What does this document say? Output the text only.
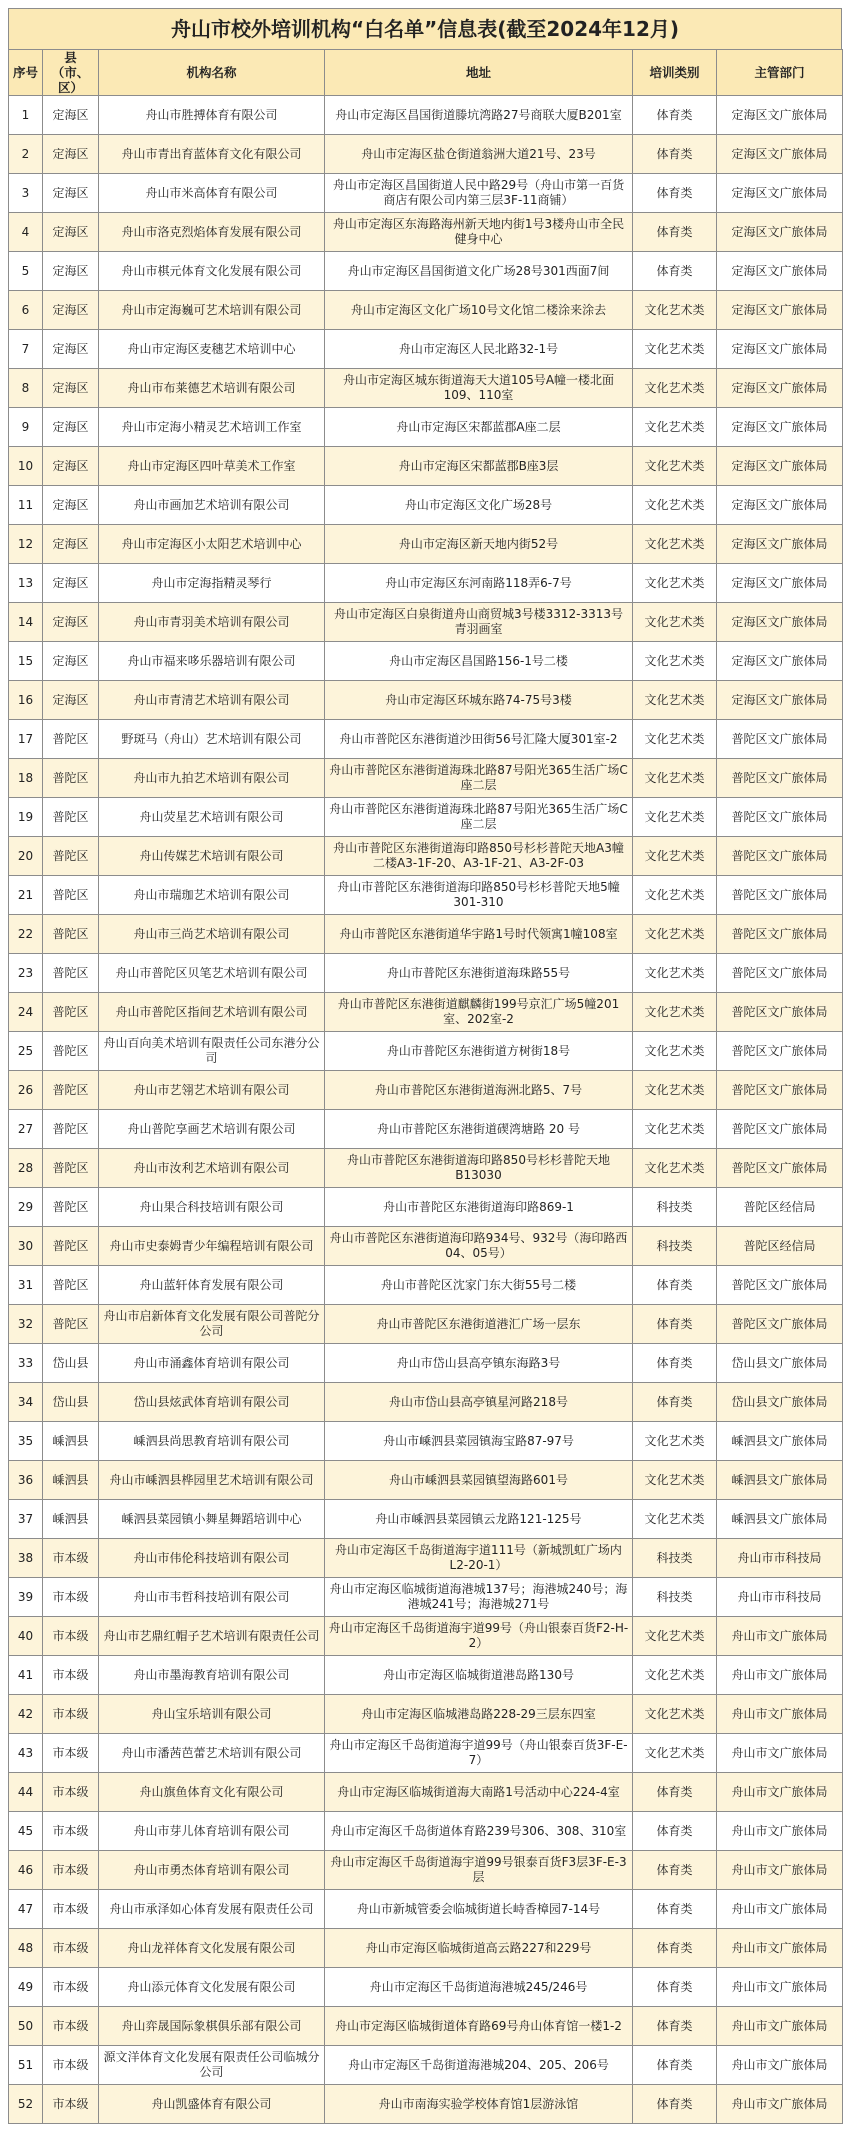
舟山市校外培训机构“白名单”信息表(截至2024年12月)
序号	县（市、区）	机构名称	地址	培训类别	主管部门
1	定海区	舟山市胜搏体育有限公司	舟山市定海区昌国街道滕坑湾路27号商联大厦B201室	体育类	定海区文广旅体局
2	定海区	舟山市青出育蓝体育文化有限公司	舟山市定海区盐仓街道翁洲大道21号、23号	体育类	定海区文广旅体局
3	定海区	舟山市米高体育有限公司	舟山市定海区昌国街道人民中路29号（舟山市第一百货商店有限公司内第三层3F-11商铺）	体育类	定海区文广旅体局
4	定海区	舟山市洛克烈焰体育发展有限公司	舟山市定海区东海路海州新天地内街1号3楼舟山市全民健身中心	体育类	定海区文广旅体局
5	定海区	舟山市棋元体育文化发展有限公司	舟山市定海区昌国街道文化广场28号301西面7间	体育类	定海区文广旅体局
6	定海区	舟山市定海巍可艺术培训有限公司	舟山市定海区文化广场10号文化馆二楼涂来涂去	文化艺术类	定海区文广旅体局
7	定海区	舟山市定海区麦穗艺术培训中心	舟山市定海区人民北路32-1号	文化艺术类	定海区文广旅体局
8	定海区	舟山市布莱德艺术培训有限公司	舟山市定海区城东街道海天大道105号A幢一楼北面109、110室	文化艺术类	定海区文广旅体局
9	定海区	舟山市定海小精灵艺术培训工作室	舟山市定海区宋都蓝郡A座二层	文化艺术类	定海区文广旅体局
10	定海区	舟山市定海区四叶草美术工作室	舟山市定海区宋都蓝郡B座3层	文化艺术类	定海区文广旅体局
11	定海区	舟山市画加艺术培训有限公司	舟山市定海区文化广场28号	文化艺术类	定海区文广旅体局
12	定海区	舟山市定海区小太阳艺术培训中心	舟山市定海区新天地内街52号	文化艺术类	定海区文广旅体局
13	定海区	舟山市定海指精灵琴行	舟山市定海区东河南路118弄6-7号	文化艺术类	定海区文广旅体局
14	定海区	舟山市青羽美术培训有限公司	舟山市定海区白泉街道舟山商贸城3号楼3312-3313号青羽画室	文化艺术类	定海区文广旅体局
15	定海区	舟山市福来哆乐器培训有限公司	舟山市定海区昌国路156-1号二楼	文化艺术类	定海区文广旅体局
16	定海区	舟山市青清艺术培训有限公司	舟山市定海区环城东路74-75号3楼	文化艺术类	定海区文广旅体局
17	普陀区	野斑马（舟山）艺术培训有限公司	舟山市普陀区东港街道沙田街56号汇隆大厦301室-2	文化艺术类	普陀区文广旅体局
18	普陀区	舟山市九拍艺术培训有限公司	舟山市普陀区东港街道海珠北路87号阳光365生活广场C座二层	文化艺术类	普陀区文广旅体局
19	普陀区	舟山荧星艺术培训有限公司	舟山市普陀区东港街道海珠北路87号阳光365生活广场C座二层	文化艺术类	普陀区文广旅体局
20	普陀区	舟山传媒艺术培训有限公司	舟山市普陀区东港街道海印路850号杉杉普陀天地A3幢二楼A3-1F-20、A3-1F-21、A3-2F-03	文化艺术类	普陀区文广旅体局
21	普陀区	舟山市瑞珈艺术培训有限公司	舟山市普陀区东港街道海印路850号杉杉普陀天地5幢301-310	文化艺术类	普陀区文广旅体局
22	普陀区	舟山市三尚艺术培训有限公司	舟山市普陀区东港街道华宇路1号时代领寓1幢108室	文化艺术类	普陀区文广旅体局
23	普陀区	舟山市普陀区贝笔艺术培训有限公司	舟山市普陀区东港街道海珠路55号	文化艺术类	普陀区文广旅体局
24	普陀区	舟山市普陀区指间艺术培训有限公司	舟山市普陀区东港街道麒麟街199号京汇广场5幢201室、202室-2	文化艺术类	普陀区文广旅体局
25	普陀区	舟山百向美术培训有限责任公司东港分公司	舟山市普陀区东港街道方树街18号	文化艺术类	普陀区文广旅体局
26	普陀区	舟山市艺翎艺术培训有限公司	舟山市普陀区东港街道海洲北路5、7号	文化艺术类	普陀区文广旅体局
27	普陀区	舟山普陀享画艺术培训有限公司	舟山市普陀区东港街道碶湾塘路 20 号	文化艺术类	普陀区文广旅体局
28	普陀区	舟山市汝利艺术培训有限公司	舟山市普陀区东港街道海印路850号杉杉普陀天地B13030	文化艺术类	普陀区文广旅体局
29	普陀区	舟山果合科技培训有限公司	舟山市普陀区东港街道海印路869-1	科技类	普陀区经信局
30	普陀区	舟山市史泰姆青少年编程培训有限公司	舟山市普陀区东港街道海印路934号、932号（海印路西04、05号）	科技类	普陀区经信局
31	普陀区	舟山蓝轩体育发展有限公司	舟山市普陀区沈家门东大街55号二楼	体育类	普陀区文广旅体局
32	普陀区	舟山市启新体育文化发展有限公司普陀分公司	舟山市普陀区东港街道港汇广场一层东	体育类	普陀区文广旅体局
33	岱山县	舟山市涌鑫体育培训有限公司	舟山市岱山县高亭镇东海路3号	体育类	岱山县文广旅体局
34	岱山县	岱山县炫武体育培训有限公司	舟山市岱山县高亭镇星河路218号	体育类	岱山县文广旅体局
35	嵊泗县	嵊泗县尚思教育培训有限公司	舟山市嵊泗县菜园镇海宝路87-97号	文化艺术类	嵊泗县文广旅体局
36	嵊泗县	舟山市嵊泗县桦园里艺术培训有限公司	舟山市嵊泗县菜园镇望海路601号	文化艺术类	嵊泗县文广旅体局
37	嵊泗县	嵊泗县菜园镇小舞星舞蹈培训中心	舟山市嵊泗县菜园镇云龙路121-125号	文化艺术类	嵊泗县文广旅体局
38	市本级	舟山市伟伦科技培训有限公司	舟山市定海区千岛街道海宇道111号（新城凯虹广场内L2-20-1）	科技类	舟山市市科技局
39	市本级	舟山市韦哲科技培训有限公司	舟山市定海区临城街道海港城137号；海港城240号；海港城241号；海港城271号	科技类	舟山市市科技局
40	市本级	舟山市艺鼎红帽子艺术培训有限责任公司	舟山市定海区千岛街道海宇道99号（舟山银泰百货F2-H-2）	文化艺术类	舟山市文广旅体局
41	市本级	舟山市墨海教育培训有限公司	舟山市定海区临城街道港岛路130号	文化艺术类	舟山市文广旅体局
42	市本级	舟山宝乐培训有限公司	舟山市定海区临城港岛路228-29三层东四室	文化艺术类	舟山市文广旅体局
43	市本级	舟山市潘茜芭蕾艺术培训有限公司	舟山市定海区千岛街道海宇道99号（舟山银泰百货3F-E-7）	文化艺术类	舟山市文广旅体局
44	市本级	舟山旗鱼体育文化有限公司	舟山市定海区临城街道海大南路1号活动中心224-4室	体育类	舟山市文广旅体局
45	市本级	舟山市芽儿体育培训有限公司	舟山市定海区千岛街道体育路239号306、308、310室	体育类	舟山市文广旅体局
46	市本级	舟山市勇杰体育培训有限公司	舟山市定海区千岛街道海宇道99号银泰百货F3层3F-E-3层	体育类	舟山市文广旅体局
47	市本级	舟山市承泽如心体育发展有限责任公司	舟山市新城管委会临城街道长峙香樟园7-14号	体育类	舟山市文广旅体局
48	市本级	舟山龙祥体育文化发展有限公司	舟山市定海区临城街道高云路227和229号	体育类	舟山市文广旅体局
49	市本级	舟山添元体育文化发展有限公司	舟山市定海区千岛街道海港城245/246号	体育类	舟山市文广旅体局
50	市本级	舟山弈晟国际象棋俱乐部有限公司	舟山市定海区临城街道体育路69号舟山体育馆一楼1-2	体育类	舟山市文广旅体局
51	市本级	源文洋体育文化发展有限责任公司临城分公司	舟山市定海区千岛街道海港城204、205、206号	体育类	舟山市文广旅体局
52	市本级	舟山凯盛体育有限公司	舟山市南海实验学校体育馆1层游泳馆	体育类	舟山市文广旅体局
